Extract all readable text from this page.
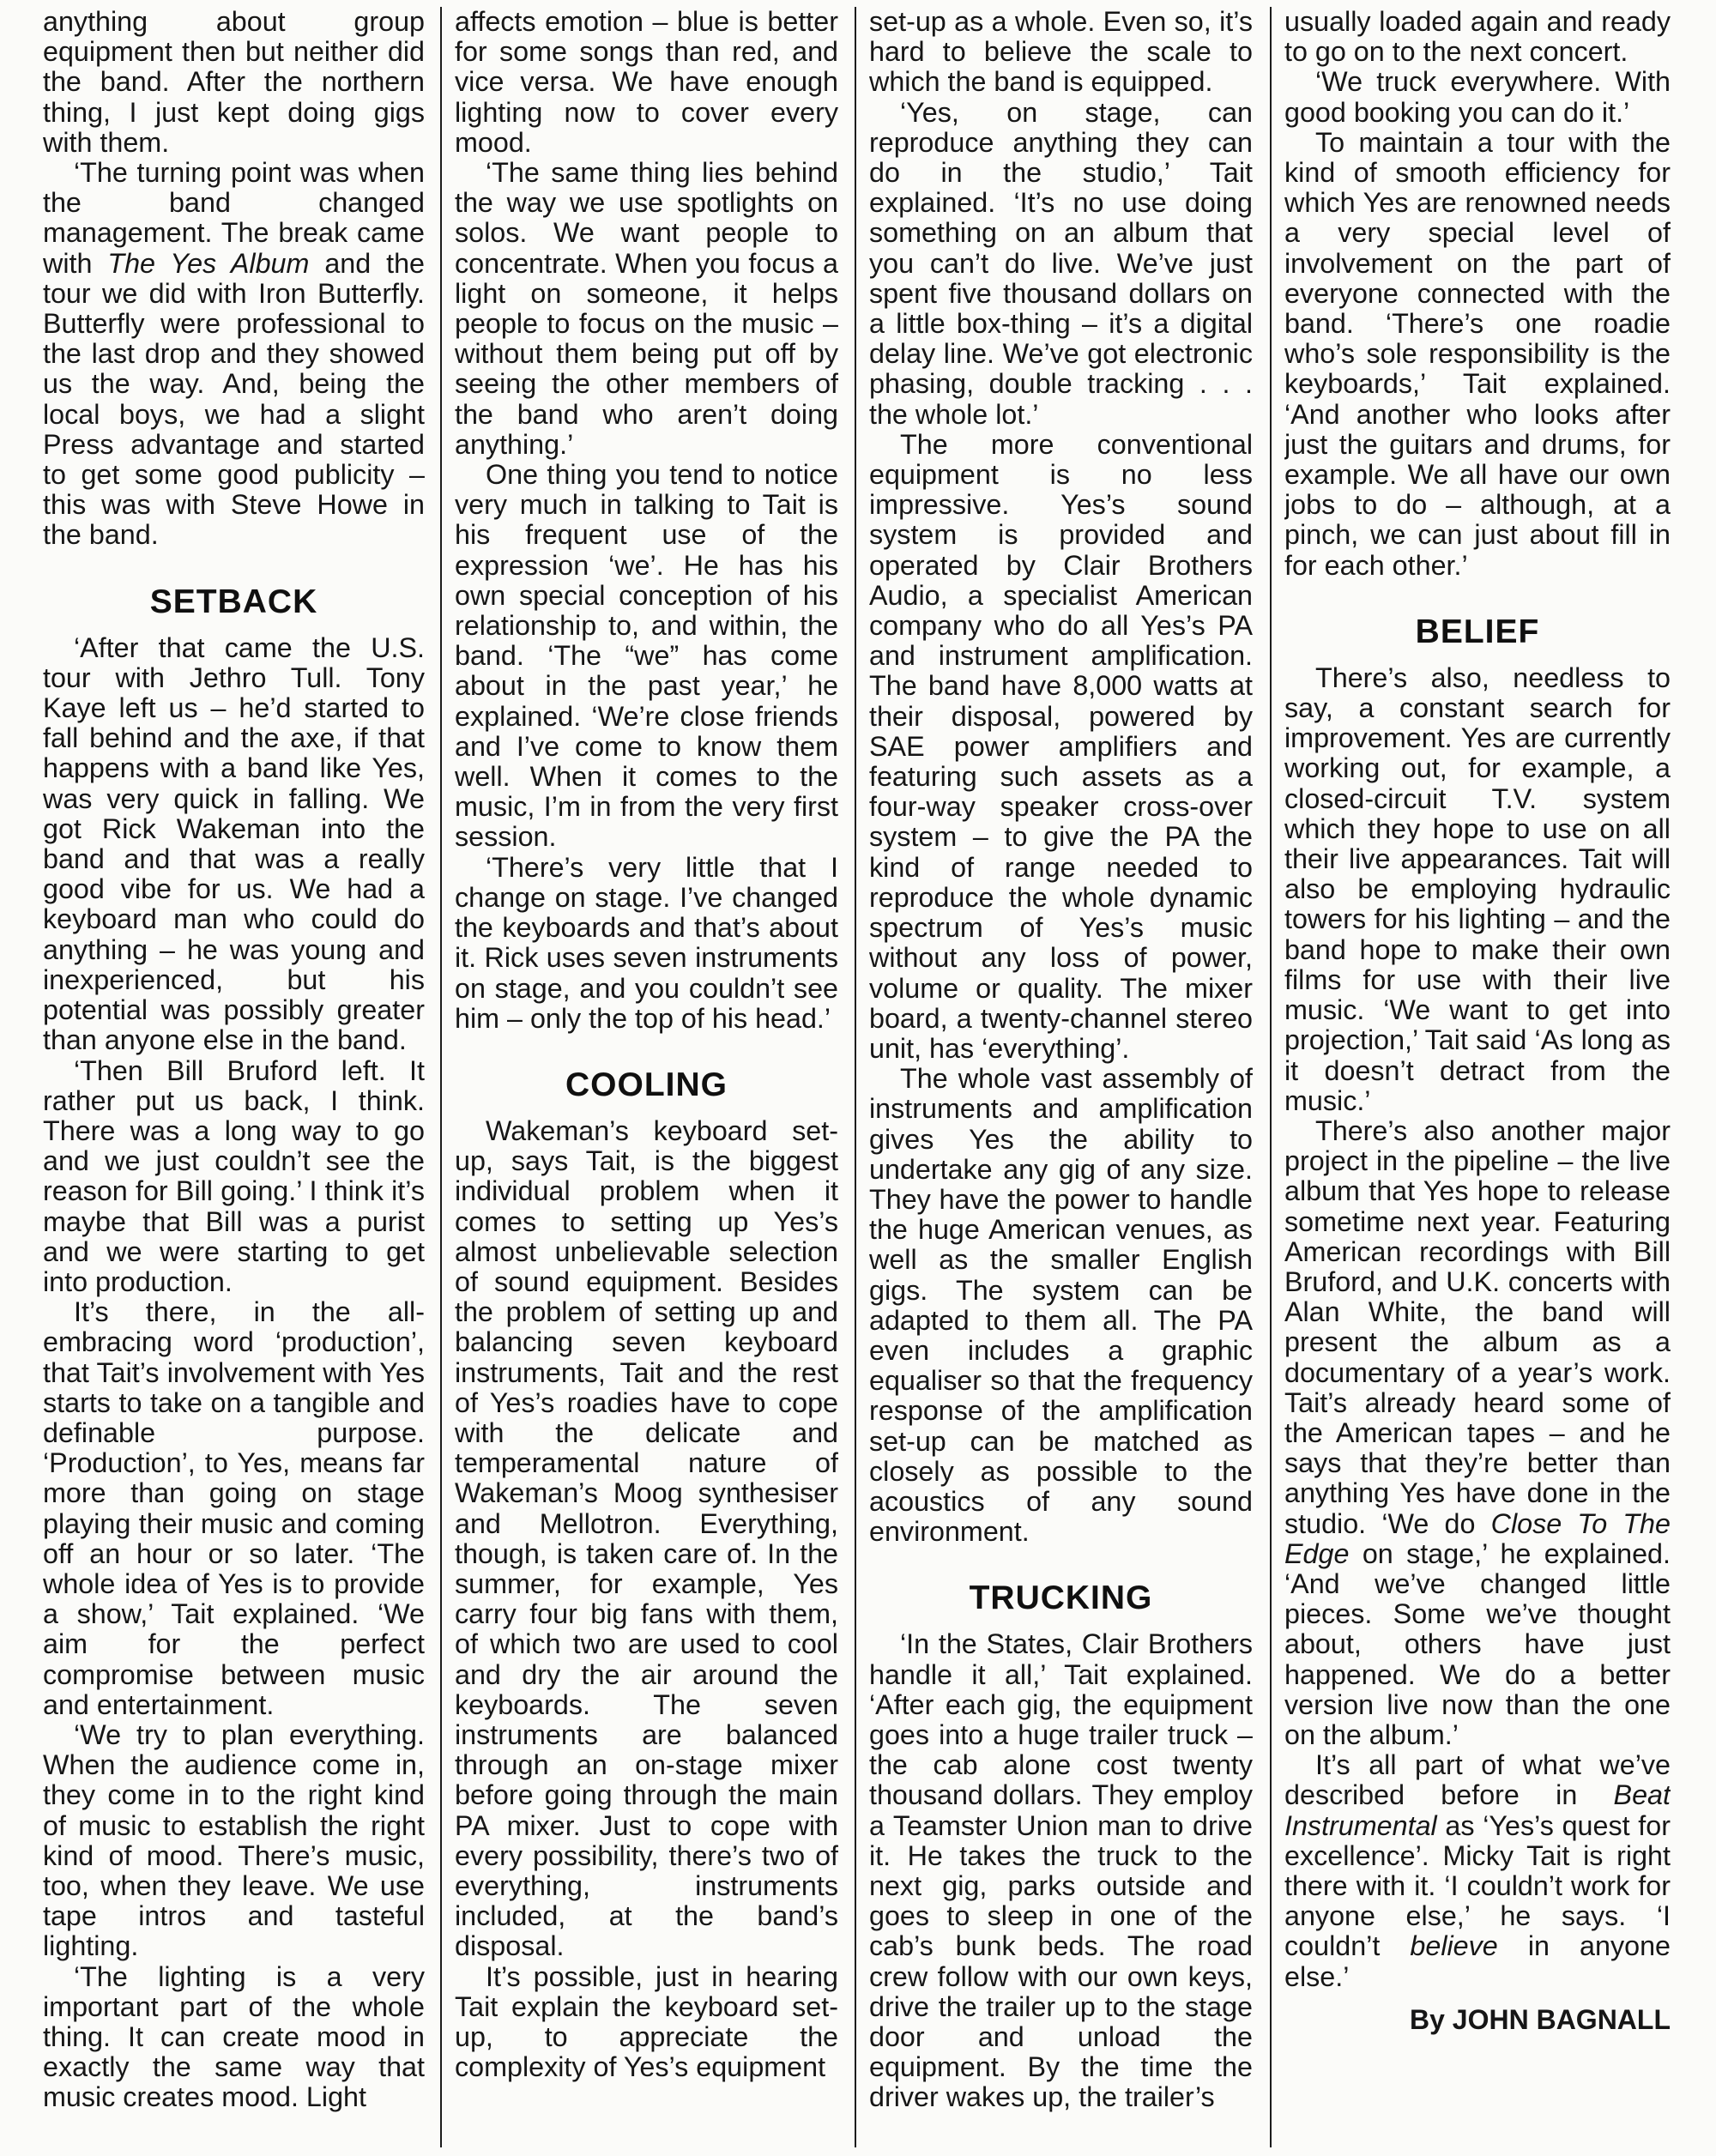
anything about group equipment then but neither did the band. After the northern thing, I just kept doing gigs with them.

‘The turning point was when the band changed management. The break came with The Yes Album and the tour we did with Iron Butterfly. Butterfly were professional to the last drop and they showed us the way. And, being the local boys, we had a slight Press advantage and started to get some good publicity – this was with Steve Howe in the band.

SETBACK

‘After that came the U.S. tour with Jethro Tull. Tony Kaye left us – he’d started to fall behind and the axe, if that happens with a band like Yes, was very quick in falling. We got Rick Wakeman into the band and that was a really good vibe for us. We had a keyboard man who could do anything – he was young and inexperienced, but his potential was possibly greater than anyone else in the band.

‘Then Bill Bruford left. It rather put us back, I think. There was a long way to go and we just couldn’t see the reason for Bill going.’ I think it’s maybe that Bill was a purist and we were starting to get into production.

It’s there, in the all-embracing word ‘production’, that Tait’s involvement with Yes starts to take on a tangible and definable purpose. ‘Production’, to Yes, means far more than going on stage playing their music and coming off an hour or so later. ‘The whole idea of Yes is to provide a show,’ Tait explained. ‘We aim for the perfect compromise between music and entertainment.

‘We try to plan everything. When the audience come in, they come in to the right kind of music to establish the right kind of mood. There’s music, too, when they leave. We use tape intros and tasteful lighting.

‘The lighting is a very important part of the whole thing. It can create mood in exactly the same way that music creates mood. Light

affects emotion – blue is better for some songs than red, and vice versa. We have enough lighting now to cover every mood.

‘The same thing lies behind the way we use spotlights on solos. We want people to concentrate. When you focus a light on someone, it helps people to focus on the music – without them being put off by seeing the other members of the band who aren’t doing anything.’

One thing you tend to notice very much in talking to Tait is his frequent use of the expression ‘we’. He has his own special conception of his relationship to, and within, the band. ‘The “we” has come about in the past year,’ he explained. ‘We’re close friends and I’ve come to know them well. When it comes to the music, I’m in from the very first session.

‘There’s very little that I change on stage. I’ve changed the keyboards and that’s about it. Rick uses seven instruments on stage, and you couldn’t see him – only the top of his head.’

COOLING

Wakeman’s keyboard set-up, says Tait, is the biggest individual problem when it comes to setting up Yes’s almost unbelievable selection of sound equipment. Besides the problem of setting up and balancing seven keyboard instruments, Tait and the rest of Yes’s roadies have to cope with the delicate and temperamental nature of Wakeman’s Moog synthesiser and Mellotron. Everything, though, is taken care of. In the summer, for example, Yes carry four big fans with them, of which two are used to cool and dry the air around the keyboards. The seven instruments are balanced through an on-stage mixer before going through the main PA mixer. Just to cope with every possibility, there’s two of everything, instruments included, at the band’s disposal.

It’s possible, just in hearing Tait explain the keyboard set-up, to appreciate the complexity of Yes’s equipment

set-up as a whole. Even so, it’s hard to believe the scale to which the band is equipped.

‘Yes, on stage, can reproduce anything they can do in the studio,’ Tait explained. ‘It’s no use doing something on an album that you can’t do live. We’ve just spent five thousand dollars on a little box-thing – it’s a digital delay line. We’ve got electronic phasing, double tracking . . . the whole lot.’

The more conventional equipment is no less impressive. Yes’s sound system is provided and operated by Clair Brothers Audio, a specialist American company who do all Yes’s PA and instrument amplification. The band have 8,000 watts at their disposal, powered by SAE power amplifiers and featuring such assets as a four-way speaker cross-over system – to give the PA the kind of range needed to reproduce the whole dynamic spectrum of Yes’s music without any loss of power, volume or quality. The mixer board, a twenty-channel stereo unit, has ‘everything’.

The whole vast assembly of instruments and amplification gives Yes the ability to undertake any gig of any size. They have the power to handle the huge American venues, as well as the smaller English gigs. The system can be adapted to them all. The PA even includes a graphic equaliser so that the frequency response of the amplification set-up can be matched as closely as possible to the acoustics of any sound environment.

TRUCKING

‘In the States, Clair Brothers handle it all,’ Tait explained. ‘After each gig, the equipment goes into a huge trailer truck – the cab alone cost twenty thousand dollars. They employ a Teamster Union man to drive it. He takes the truck to the next gig, parks outside and goes to sleep in one of the cab’s bunk beds. The road crew follow with our own keys, drive the trailer up to the stage door and unload the equipment. By the time the driver wakes up, the trailer’s

usually loaded again and ready to go on to the next concert.

‘We truck everywhere. With good booking you can do it.’

To maintain a tour with the kind of smooth efficiency for which Yes are renowned needs a very special level of involvement on the part of everyone connected with the band. ‘There’s one roadie who’s sole responsibility is the keyboards,’ Tait explained. ‘And another who looks after just the guitars and drums, for example. We all have our own jobs to do – although, at a pinch, we can just about fill in for each other.’

BELIEF

There’s also, needless to say, a constant search for improvement. Yes are currently working out, for example, a closed-circuit T.V. system which they hope to use on all their live appearances. Tait will also be employing hydraulic towers for his lighting – and the band hope to make their own films for use with their live music. ‘We want to get into projection,’ Tait said ‘As long as it doesn’t detract from the music.’

There’s also another major project in the pipeline – the live album that Yes hope to release sometime next year. Featuring American recordings with Bill Bruford, and U.K. concerts with Alan White, the band will present the album as a documentary of a year’s work. Tait’s already heard some of the American tapes – and he says that they’re better than anything Yes have done in the studio. ‘We do Close To The Edge on stage,’ he explained. ‘And we’ve changed little pieces. Some we’ve thought about, others have just happened. We do a better version live now than the one on the album.’

It’s all part of what we’ve described before in Beat Instrumental as ‘Yes’s quest for excellence’. Micky Tait is right there with it. ‘I couldn’t work for anyone else,’ he says. ‘I couldn’t believe in anyone else.’

By JOHN BAGNALL
